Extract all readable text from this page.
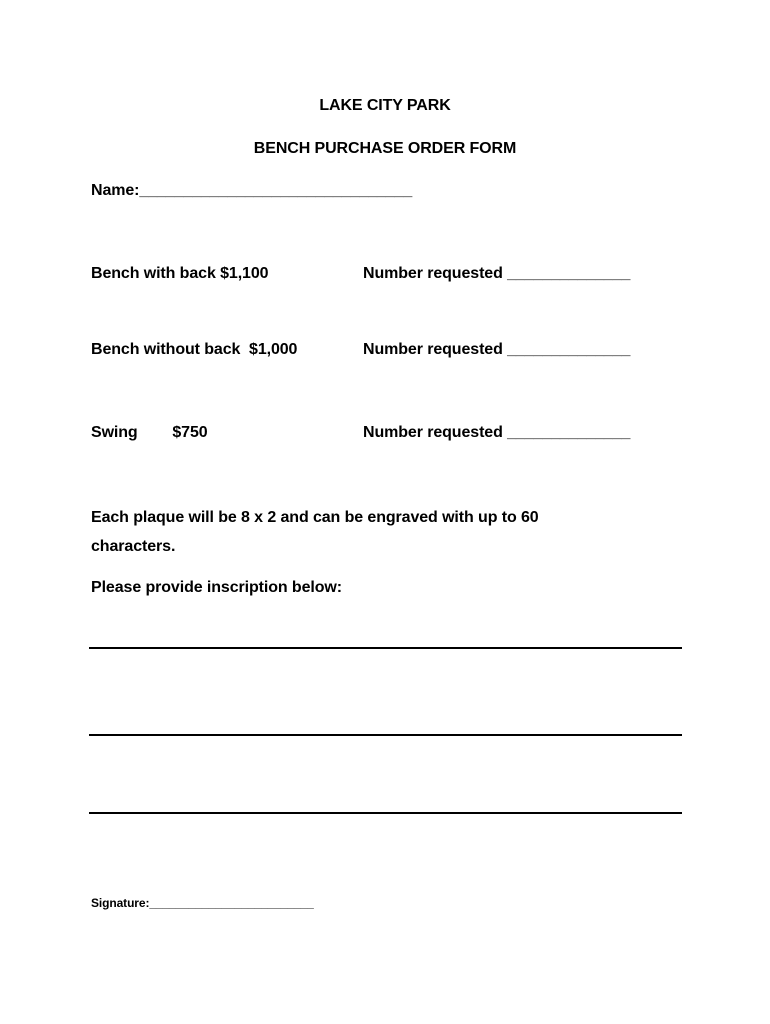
LAKE CITY PARK
BENCH PURCHASE ORDER FORM
Name:_______________________________
Bench with back $1,100	Number requested ______________
Bench without back  $1,000	Number requested ______________
Swing        $750	Number requested ______________
Each plaque will be 8 x 2 and can be engraved with up to 60
characters.
Please provide inscription below:
Signature:_________________________
